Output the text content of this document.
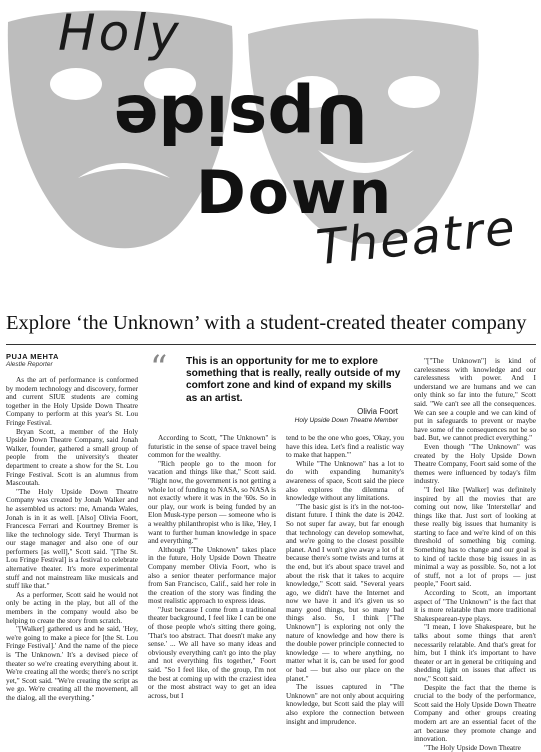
Holy
Upside
Down
Theatre
Explore ‘the Unknown’ with a student-created theater company
PUJA MEHTA
Alestle Reporter	“ This is an opportunity for me to explore something that is really, really outside of my comfort zone and kind of expand my skills as an artist.
Olivia Foort
Holy Upside Down Theatre Member

As the art of performance is conformed by modern technology and discovery, former and current SIUE students are coming together in the Holy Upside Down Theatre Company to perform at this year's St. Lou Fringe Festival.

Bryan Scott, a member of the Holy Upside Down Theatre Company, said Jonah Walker, founder, gathered a small group of people from the university's theater department to create a show for the St. Lou Fringe Festival. Scott is an alumnus from Mascoutah.

"The Holy Upside Down Theatre Company was created by Jonah Walker and he assembled us actors: me, Amanda Wales, Jonah is in it as well. [Also] Olivia Foort, Francesca Ferrari and Kourtney Bremer is like the technology side. Teryl Thurman is our stage manager and also one of our performers [as well]," Scott said. "[The St. Lou Fringe Festival] is a festival to celebrate alternative theater. It's more experimental stuff and not mainstream like musicals and stuff like that."

As a performer, Scott said he would not only be acting in the play, but all of the members in the company would also be helping to create the story from scratch.

"[Walker] gathered us and he said, 'Hey, we're going to make a piece for [the St. Lou Fringe Festival].' And the name of the piece is 'The Unknown.' It's a devised piece of theater so we're creating everything about it. We're creating all the words; there's no script yet," Scott said. "We're creating the script as we go. We're creating all the movement, all the dialog, all the everything."

According to Scott, "The Unknown" is futuristic in the sense of space travel being common for the wealthy.

"Rich people go to the moon for vacation and things like that," Scott said. "Right now, the government is not getting a whole lot of funding to NASA, so NASA is not exactly where it was in the '60s. So in our play, our work is being funded by an Elon Musk-type person — someone who is a wealthy philanthropist who is like, 'Hey, I want to further human knowledge in space and everything.'"

Although "The Unknown" takes place in the future, Holy Upside Down Theatre Company member Olivia Foort, who is also a senior theater performance major from San Francisco, Calif., said her role in the creation of the story was finding the most realistic approach to express ideas.

"Just because I come from a traditional theater background, I feel like I can be one of those people who's sitting there going, 'That's too abstract. That doesn't make any sense.' ... We all have so many ideas and obviously everything can't go into the play and not everything fits together," Foort said. "So I feel like, of the group, I'm not the best at coming up with the craziest idea or the most abstract way to get an idea across, but I

tend to be the one who goes, 'Okay, you have this idea. Let's find a realistic way to make that happen.'"

While "The Unknown" has a lot to do with expanding humanity's awareness of space, Scott said the piece also explores the dilemma of knowledge without any limitations.

"The basic gist is it's in the not-too-distant future. I think the date is 2042. So not super far away, but far enough that technology can develop somewhat, and we're going to the closest possible planet. And I won't give away a lot of it because there's some twists and turns at the end, but it's about space travel and about the risk that it takes to acquire knowledge," Scott said. "Several years ago, we didn't have the Internet and now we have it and it's given us so many good things, but so many bad things also. So, I think ["The Unknown"] is exploring not only the nature of knowledge and how there is the double power principle connected to knowledge — to where anything, no matter what it is, can be used for good or bad — but also our place on the planet."

The issues captured in "The Unknown" are not only about acquiring knowledge, but Scott said the play will also explore the connection between insight and imprudence.

"["The Unknown"] is kind of carelessness with knowledge and our carelessness with power. And I understand we are humans and we can only think so far into the future," Scott said. "We can't see all the consequences. We can see a couple and we can kind of put in safeguards to prevent or maybe have some of the consequences not be so bad. But, we cannot predict everything."

Even though "The Unknown" was created by the Holy Upside Down Theatre Company, Foort said some of the themes were influenced by today's film industry.

"I feel like [Walker] was definitely inspired by all the movies that are coming out now, like 'Interstellar' and things like that. Just sort of looking at these really big issues that humanity is starting to face and we're kind of on this threshold of something big coming. Something has to change and our goal is to kind of tackle those big issues in as minimal a way as possible. So, not a lot of stuff, not a lot of props — just people," Foort said.

According to Scott, an important aspect of "The Unknown" is the fact that it is more relatable than more traditional Shakespearean-type plays.

"I mean, I love Shakespeare, but he talks about some things that aren't necessarily relatable. And that's great for him, but I think it's important to have theater or art in general be critiquing and shedding light on issues that affect us now," Scott said.

Despite the fact that the theme is crucial to the body of the performance, Scott said the Holy Upside Down Theatre Company and other groups creating modern art are an essential facet of the art because they promote change and innovation.

"The Holy Upside Down Theatre
